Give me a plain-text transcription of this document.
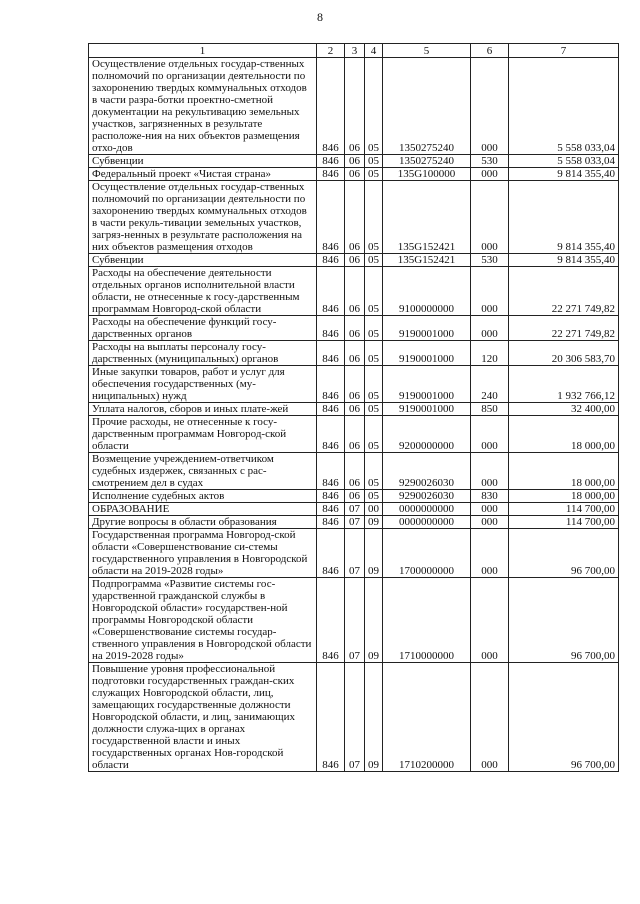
8
1	2	3	4	5	6	7
Осуществление отдельных государ-ственных полномочий по организации деятельности по захоронению твердых коммунальных отходов в части разра-ботки проектно-сметной документации на рекультивацию земельных участков, загрязненных в результате расположе-ния на них объектов размещения отхо-дов	846	06	05	1350275240	000	5 558 033,04
Субвенции	846	06	05	1350275240	530	5 558 033,04
Федеральный проект «Чистая страна»	846	06	05	135G100000	000	9 814 355,40
Осуществление отдельных государ-ственных полномочий по организации деятельности по захоронению твердых коммунальных отходов в части рекуль-тивации земельных участков, загряз-ненных в результате расположения на них объектов размещения отходов	846	06	05	135G152421	000	9 814 355,40
Субвенции	846	06	05	135G152421	530	9 814 355,40
Расходы на обеспечение деятельности отдельных органов исполнительной власти области, не отнесенные к госу-дарственным программам Новгород-ской области	846	06	05	9100000000	000	22 271 749,82
Расходы на обеспечение функций госу-дарственных органов	846	06	05	9190001000	000	22 271 749,82
Расходы на выплаты персоналу госу-дарственных (муниципальных) органов	846	06	05	9190001000	120	20 306 583,70
Иные закупки товаров, работ и услуг для обеспечения государственных (му-ниципальных) нужд	846	06	05	9190001000	240	1 932 766,12
Уплата налогов, сборов и иных плате-жей	846	06	05	9190001000	850	32 400,00
Прочие расходы, не отнесенные к госу-дарственным программам Новгород-ской области	846	06	05	9200000000	000	18 000,00
Возмещение учреждением-ответчиком судебных издержек, связанных с рас-смотрением дел в судах	846	06	05	9290026030	000	18 000,00
Исполнение судебных актов	846	06	05	9290026030	830	18 000,00
ОБРАЗОВАНИЕ	846	07	00	0000000000	000	114 700,00
Другие вопросы в области образования	846	07	09	0000000000	000	114 700,00
Государственная программа Новгород-ской области «Совершенствование си-стемы государственного управления в Новгородской области на 2019-2028 годы»	846	07	09	1700000000	000	96 700,00
Подпрограмма «Развитие системы гос-ударственной гражданской службы в Новгородской области» государствен-ной программы Новгородской области «Совершенствование системы государ-ственного управления в Новгородской области на 2019-2028 годы»	846	07	09	1710000000	000	96 700,00
Повышение уровня профессиональной подготовки государственных граждан-ских служащих Новгородской области, лиц, замещающих государственные должности Новгородской области, и лиц, занимающих должности служа-щих в органах государственной власти и иных государственных органах Нов-городской области	846	07	09	1710200000	000	96 700,00
